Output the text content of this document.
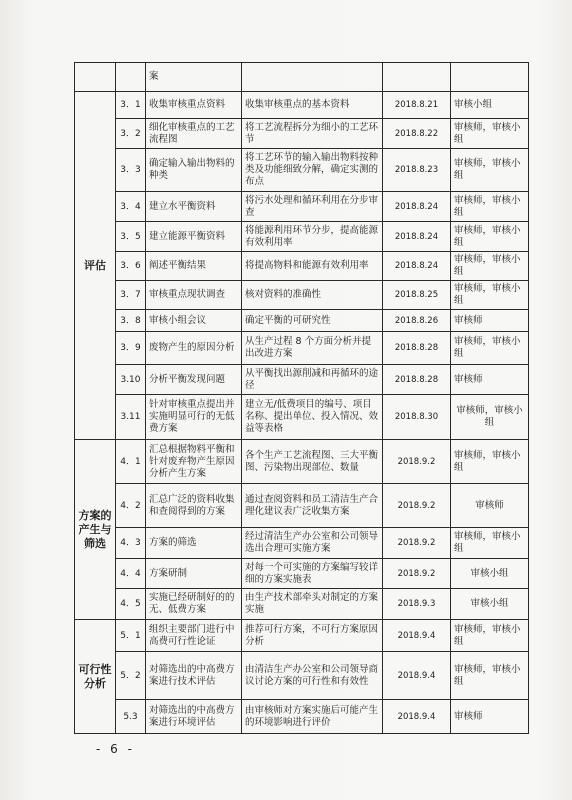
		案			
评估	3．1	收集审核重点资料	收集审核重点的基本资料	2018.8.21	审核小组
	3．2	细化审核重点的工艺流程图	将工艺流程拆分为细小的工艺环节	2018.8.22	审核师，审核小组
	3．3	确定输入输出物料的种类	将工艺环节的输入输出物料按种类及功能细致分解，确定实测的布点	2018.8.23	审核师，审核小组
	3．4	建立水平衡资料	将污水处理和循环利用在分步审查	2018.8.24	审核师，审核小组
	3．5	建立能源平衡资料	将能源利用环节分步，提高能源有效利用率	2018.8.24	审核师，审核小组
	3．6	阐述平衡结果	将提高物料和能源有效利用率	2018.8.24	审核师，审核小组
	3．7	审核重点现状调查	核对资料的准确性	2018.8.25	审核师，审核小组
	3．8	审核小组会议	确定平衡的可研究性	2018.8.26	审核师
	3．9	废物产生的原因分析	从生产过程 8 个方面分析并提出改进方案	2018.8.28	审核师，审核小组
	3.10	分析平衡发现问题	从平衡找出源削减和再循环的途径	2018.8.28	审核师
	3.11	针对审核重点提出并实施明显可行的无低费方案	建立无/低费项目的编号、项目名称、提出单位、投入情况、效益等表格	2018.8.30	审核师，审核小组
方案的产生与筛选	4．1	汇总根据物料平衡和针对废弃物产生原因分析产生方案	各个生产工艺流程图、三大平衡图、污染物出现部位、数量	2018.9.2	审核师，审核小组
	4．2	汇总广泛的资料收集和查阅得到的方案	通过查阅资料和员工清洁生产合理化建议表广泛收集方案	2018.9.2	审核师
	4．3	方案的筛选	经过清洁生产办公室和公司领导选出合理可实施方案	2018.9.2	审核师，审核小组
	4．4	方案研制	对每一个可实施的方案编写较详细的方案实施表	2018.9.2	审核小组
	4．5	实施已经研制好的的无、低费方案	由生产技术部牵头对制定的方案实施	2018.9.3	审核小组
可行性分析	5．1	组织主要部门进行中高费可行性论证	推荐可行方案，不可行方案原因分析	2018.9.4	审核师，审核小组
	5．2	对筛选出的中高费方案进行技术评估	由清洁生产办公室和公司领导商议讨论方案的可行性和有效性	2018.9.4	审核师，审核小组
	5.3	对筛选出的中高费方案进行环境评估	由审核师对方案实施后可能产生的环境影响进行评价	2018.9.4	审核师
- 6 -
